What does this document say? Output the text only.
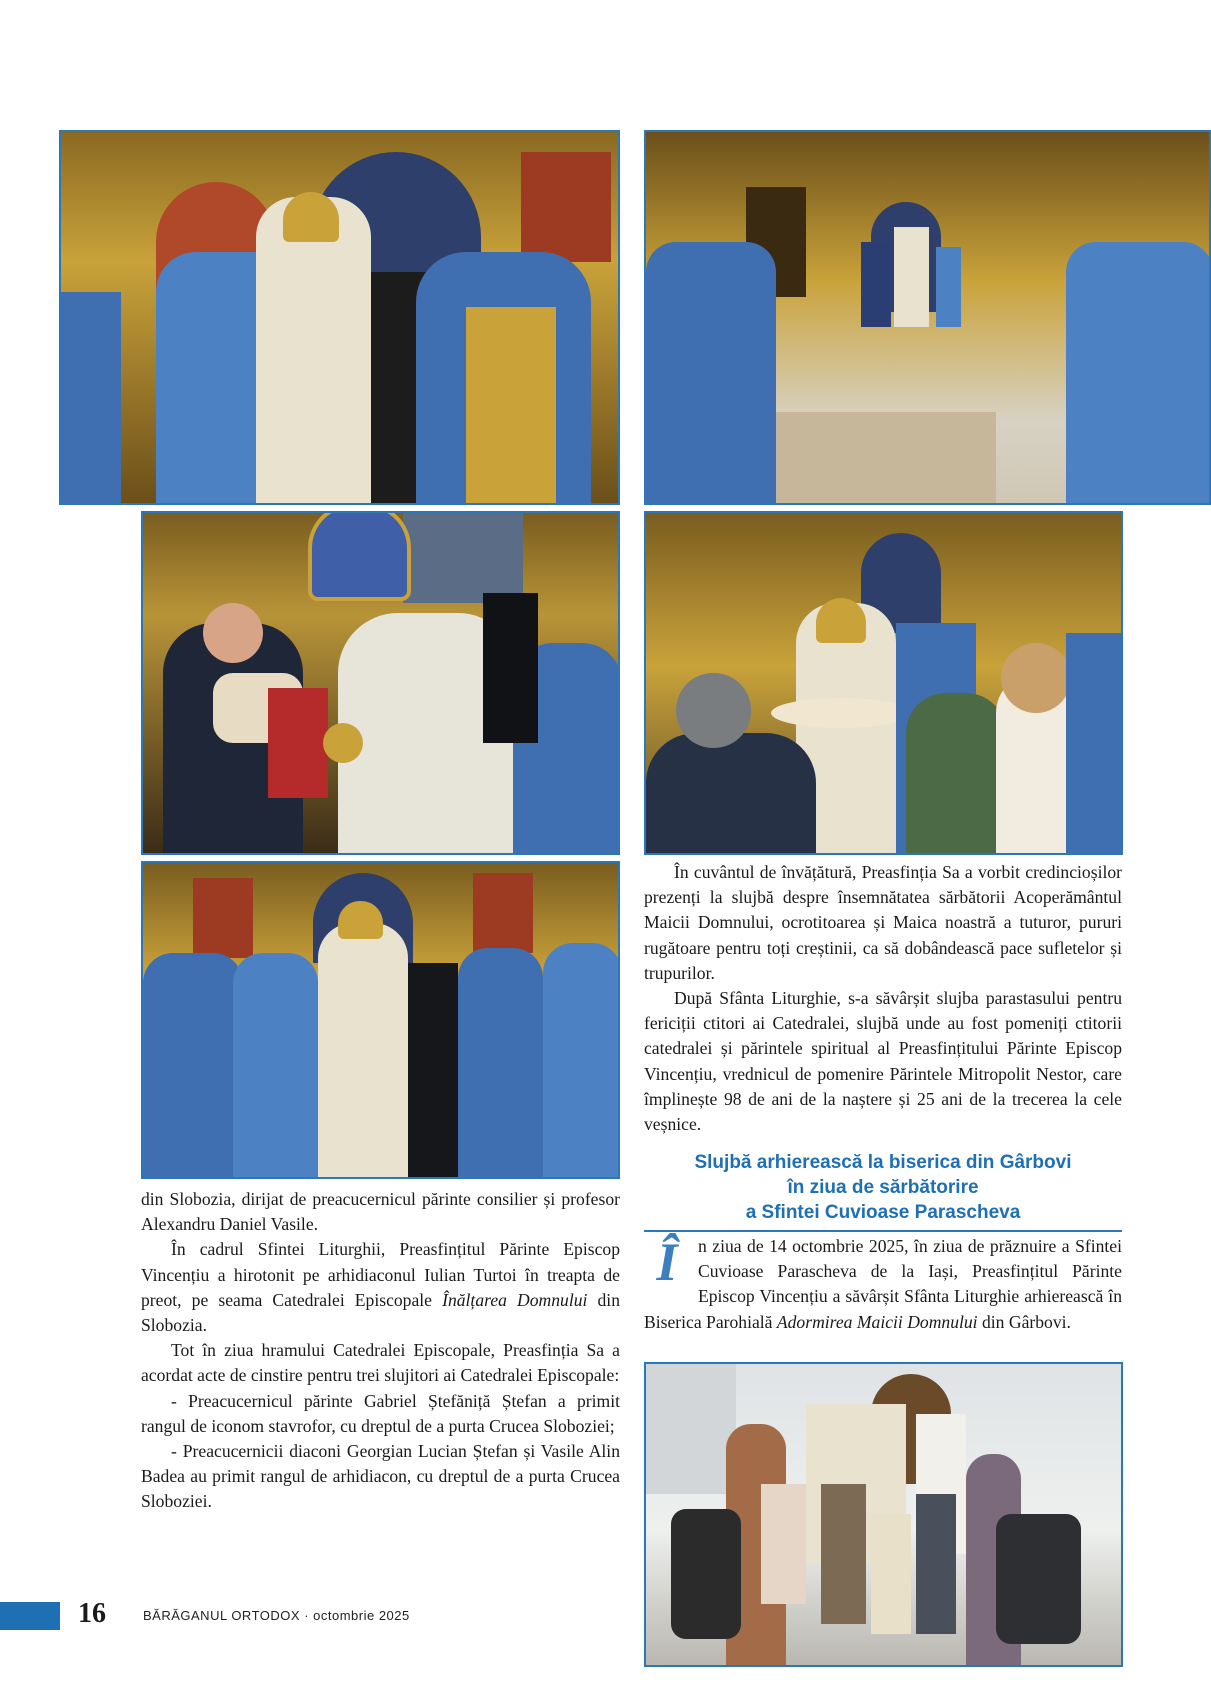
din Slobozia, dirijat de preacucernicul părinte consilier și profesor Alexandru Daniel Vasile.

În cadrul Sfintei Liturghii, Preasfințitul Părinte Episcop Vincențiu a hirotonit pe arhidiaconul Iulian Turtoi în treapta de preot, pe seama Catedralei Episcopale Înălțarea Domnului din Slobozia.

Tot în ziua hramului Catedralei Episcopale, Preasfinția Sa a acordat acte de cinstire pentru trei slujitori ai Catedralei Episcopale:

- Preacucernicul părinte Gabriel Ștefăniță Ștefan a primit rangul de iconom stavrofor, cu dreptul de a purta Crucea Sloboziei;

- Preacucernicii diaconi Georgian Lucian Ștefan și Vasile Alin Badea au primit rangul de arhidiacon, cu dreptul de a purta Crucea Sloboziei.

În cuvântul de învățătură, Preasfinția Sa a vorbit credincioșilor prezenți la slujbă despre însemnătatea sărbătorii Acoperământul Maicii Domnului, ocrotitoarea și Maica noastră a tuturor, pururi rugătoare pentru toți creștinii, ca să dobândească pace sufletelor și trupurilor.

După Sfânta Liturghie, s-a săvârșit slujba parastasului pentru fericiții ctitori ai Catedralei, slujbă unde au fost pomeniți ctitorii catedralei și părintele spiritual al Preasfințitului Părinte Episcop Vincențiu, vrednicul de pomenire Părintele Mitropolit Nestor, care împlinește 98 de ani de la naștere și 25 ani de la trecerea la cele veșnice.

Slujbă arhierească la biserica din Gârbovi
în ziua de sărbătorire
a Sfintei Cuvioase Parascheva

Î	n ziua de 14 octombrie 2025, în ziua de prăznuire a Sfintei Cuvioase Parascheva de la Iași, Preasfințitul Părinte Episcop Vincențiu a săvârșit Sfânta Liturghie arhierească în Biserica Parohială Adormirea Maicii Domnului din Gârbovi.

16	BĂRĂGANUL ORTODOX · octombrie 2025
